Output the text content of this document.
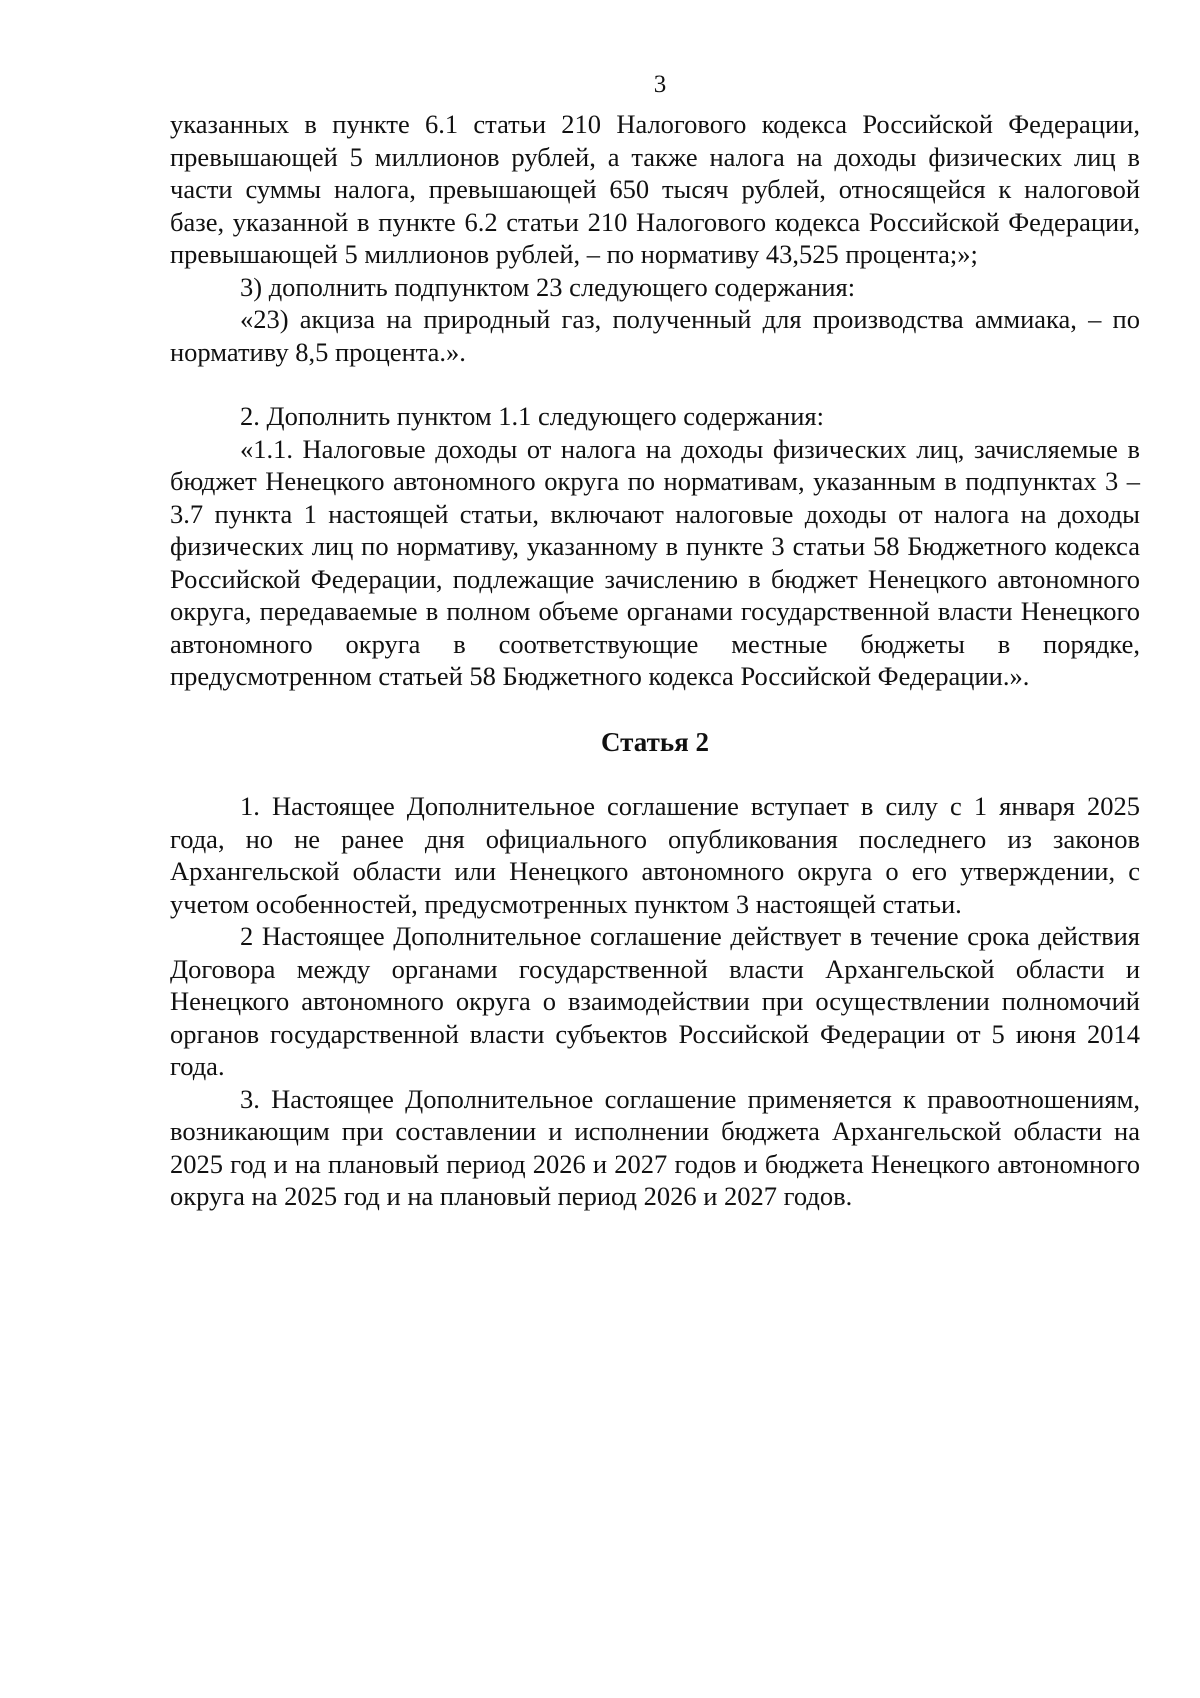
3

указанных в пункте 6.1 статьи 210 Налогового кодекса Российской Федерации, превышающей 5 миллионов рублей, а также налога на доходы физических лиц в части суммы налога, превышающей 650 тысяч рублей, относящейся к налоговой базе, указанной в пункте 6.2 статьи 210 Налогового кодекса Российской Федерации, превышающей 5 миллионов рублей, – по нормативу 43,525 процента;»;

3) дополнить подпунктом 23 следующего содержания:

«23) акциза на природный газ, полученный для производства аммиака, – по нормативу 8,5 процента.».

2. Дополнить пунктом 1.1 следующего содержания:

«1.1. Налоговые доходы от налога на доходы физических лиц, зачисляемые в бюджет Ненецкого автономного округа по нормативам, указанным в подпунктах 3 – 3.7 пункта 1 настоящей статьи, включают налоговые доходы от налога на доходы физических лиц по нормативу, указанному в пункте 3 статьи 58 Бюджетного кодекса Российской Федерации, подлежащие зачислению в бюджет Ненецкого автономного округа, передаваемые в полном объеме органами государственной власти Ненецкого автономного округа в соответствующие местные бюджеты в порядке, предусмотренном статьей 58 Бюджетного кодекса Российской Федерации.».

Статья 2

1. Настоящее Дополнительное соглашение вступает в силу с 1 января 2025 года, но не ранее дня официального опубликования последнего из законов Архангельской области или Ненецкого автономного округа о его утверждении, с учетом особенностей, предусмотренных пунктом 3 настоящей статьи.

2 Настоящее Дополнительное соглашение действует в течение срока действия Договора между органами государственной власти Архангельской области и Ненецкого автономного округа о взаимодействии при осуществлении полномочий органов государственной власти субъектов Российской Федерации от 5 июня 2014 года.

3. Настоящее Дополнительное соглашение применяется к правоотношениям, возникающим при составлении и исполнении бюджета Архангельской области на 2025 год и на плановый период 2026 и 2027 годов и бюджета Ненецкого автономного округа на 2025 год и на плановый период 2026 и 2027 годов.
